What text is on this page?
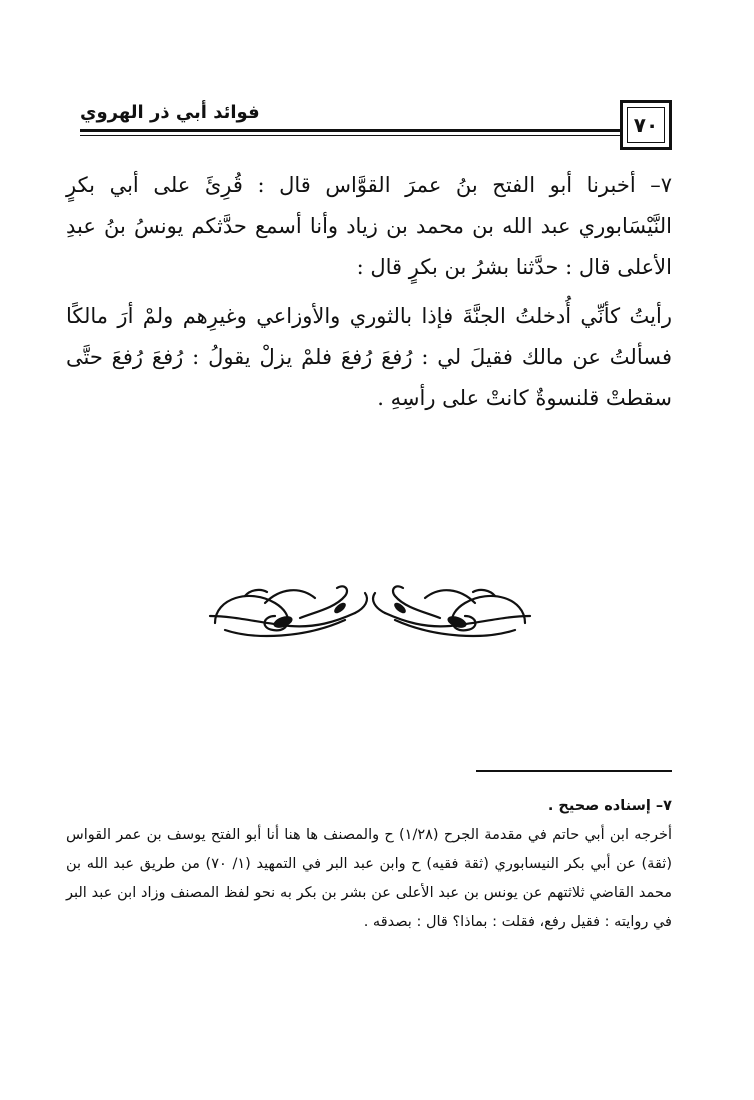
فوائد أبي ذر الهروي
٧٠

٧– أخبرنا أبو الفتح بنُ عمرَ القوَّاس قال : قُرِئَ على أبي بكرٍ النَّيْسَابوري عبد الله بن محمد بن زياد وأنا أسمع حدَّثكم يونسُ بنُ عبدِ الأعلى قال : حدَّثنا بشرُ بن بكرٍ قال :

رأيتُ كأنِّي أُدخلتُ الجنَّةَ فإذا بالثوري والأوزاعي وغيرِهم ولمْ أرَ مالكًا فسألتُ عن مالك فقيلَ لي : رُفعَ رُفعَ فلمْ يزلْ يقولُ : رُفعَ رُفعَ حتَّى سقطتْ قلنسوةٌ كانتْ على رأسِهِ .

٧– إسناده صحيح .

أخرجه ابن أبي حاتم في مقدمة الجرح (١/٢٨) ح والمصنف ها هنا أنا أبو الفتح يوسف بن عمر القواس (ثقة) عن أبي بكر النيسابوري (ثقة فقيه) ح وابن عبد البر في التمهيد (١/ ٧٠) من طريق عبد الله بن محمد القاضي ثلاثتهم عن يونس بن عبد الأعلى عن بشر بن بكر به نحو لفظ المصنف وزاد ابن عبد البر في روايته : فقيل رفع، فقلت : بماذا؟ قال : بصدقه .
